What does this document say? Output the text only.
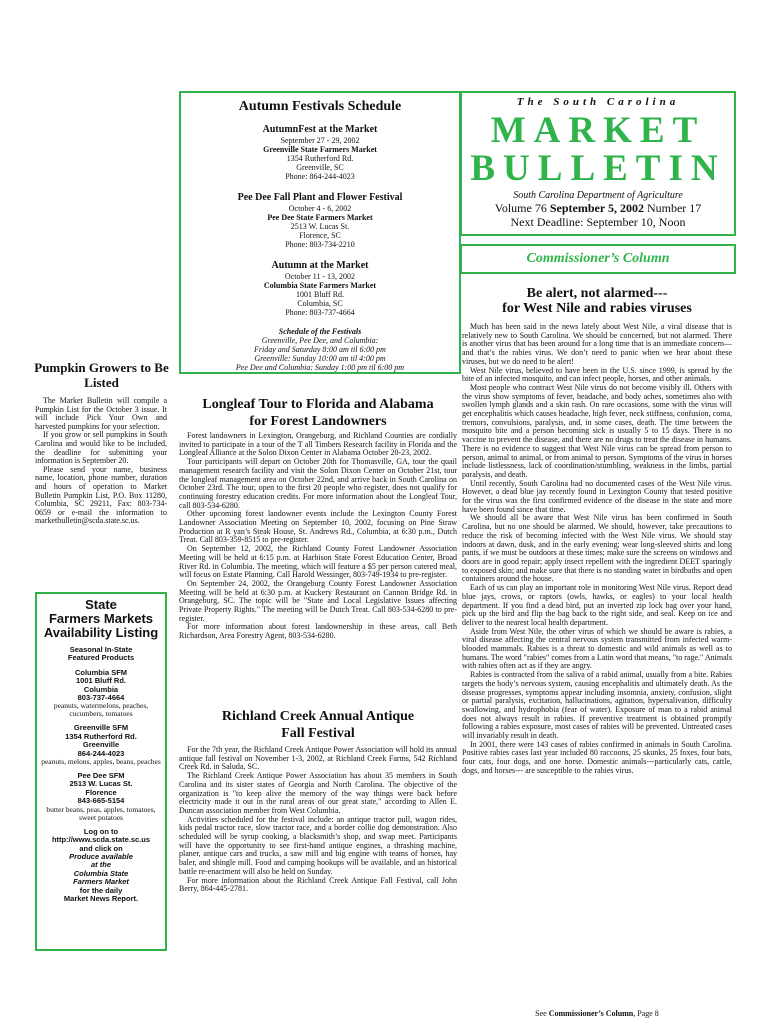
Autumn Festivals Schedule
AutumnFest at the Market
September 27 - 29, 2002
Greenville State Farmers Market
1354 Rutherford Rd.
Greenville, SC
Phone: 864-244-4023
Pee Dee Fall Plant and Flower Festival
October 4 - 6, 2002
Pee Dee State Farmers Market
2513 W. Lucas St.
Florence, SC
Phone: 803-734-2210
Autumn at the Market
October 11 - 13, 2002
Columbia State Farmers Market
1001 Bluff Rd.
Columbia, SC
Phone: 803-737-4664
Schedule of the Festivals
Greenville, Pee Dee, and Columbia:
Friday and Saturday 8:00 am til 6:00 pm
Greenville: Sunday 10:00 am til 4:00 pm
Pee Dee and Columbia: Sunday 1:00 pm til 6:00 pm
The South Carolina
MARKET
BULLETIN
South Carolina Department of Agriculture
Volume 76 September 5, 2002 Number 17
Next Deadline: September 10, Noon
Commissioner’s Column
Be alert, not alarmed---
for West Nile and rabies viruses

Much has been said in the news lately about West Nile, a viral disease that is relatively new to South Carolina. We should be concerned, but not alarmed. There is another virus that has been around for a long time that is an immediate concern—and that’s the rabies virus. We don’t need to panic when we hear about these viruses, but we do need to be alert!

West Nile virus, believed to have been in the U.S. since 1999, is spread by the bite of an infected mosquito, and can infect people, horses, and other animals.

Most people who contract West Nile virus do not become visibly ill. Others with the virus show symptoms of fever, headache, and body aches, sometimes also with swollen lymph glands and a skin rash. On rare occasions, some with the virus will get encephalitis which causes headache, high fever, neck stiffness, confusion, coma, tremors, convulsions, paralysis, and, in some cases, death. The time between the mosquito bite and a person becoming sick is usually 5 to 15 days. There is no vaccine to prevent the disease, and there are no drugs to treat the disease in humans. There is no evidence to suggest that West Nile virus can be spread from person to person, animal to animal, or from animal to person. Symptoms of the virus in horses include listlessness, lack of coordination/stumbling, weakness in the limbs, partial paralysis, and death.

Until recently, South Carolina had no documented cases of the West Nile virus. However, a dead blue jay recently found in Lexington County that tested positive for the virus was the first confirmed evidence of the disease in the state and more have been found since that time.

We should all be aware that West Nile virus has been confirmed in South Carolina, but no one should be alarmed. We should, however, take precautions to reduce the risk of becoming infected with the West Nile virus. We should stay indoors at dawn, dusk, and in the early evening; wear long-sleeved shirts and long pants, if we must be outdoors at these times; make sure the screens on windows and doors are in good repair; apply insect repellent with the ingredient DEET sparingly to exposed skin; and make sure that there is no standing water in birdbaths and open containers around the house.

Each of us can play an important role in monitoring West Nile virus. Report dead blue jays, crows, or raptors (owls, hawks, or eagles) to your local health department. If you find a dead bird, put an inverted zip lock bag over your hand, pick up the bird and flip the bag back to the right side, and seal. Keep on ice and deliver to the nearest local health department.

Aside from West Nile, the other virus of which we should be aware is rabies, a viral disease affecting the central nervous system transmitted from infected warm-blooded mammals. Rabies is a threat to domestic and wild animals as well as to humans. The word "rabies" comes from a Latin word that means, "to rage." Animals with rabies often act as if they are angry.

Rabies is contracted from the saliva of a rabid animal, usually from a bite. Rabies targets the body’s nervous system, causing encephalitis and ultimately death. As the disease progresses, symptoms appear including insomnia, anxiety, confusion, slight or partial paralysis, excitation, hallucinations, agitation, hypersalivation, difficulty swallowing, and hydrophobia (fear of water). Exposure of man to a rabid animal does not always result in rabies. If preventive treatment is obtained promptly following a rabies exposure, most cases of rabies will be prevented. Untreated cases will invariably result in death.

In 2001, there were 143 cases of rabies confirmed in animals in South Carolina. Positive rabies cases last year included 80 raccoons, 25 skunks, 25 foxes, four bats, four cats, four dogs, and one horse. Domestic animals---particularly cats, cattle, dogs, and horses--- are susceptible to the rabies virus.

See Commissioner’s Column, Page 8
Pumpkin Growers to Be Listed

The Market Bulletin will compile a Pumpkin List for the October 3 issue. It will include Pick Your Own and harvested pumpkins for your selection.

If you grow or sell pumpkins in South Carolina and would like to be included, the deadline for submitting your information is September 20.

Please send your name, business name, location, phone number, duration and hours of operation to Market Bulletin Pumpkin List, P.O. Box 11280, Columbia, SC 29211, Fax: 803-734-0659 or e-mail the information to marketbulletin@scda.state.sc.us.

State
Farmers Markets
Availability Listing
Seasonal In-State
Featured Products
Columbia SFM
1001 Bluff Rd.
Columbia
803-737-4664
peanuts, watermelons, peaches, cucumbers, tomatoes
Greenville SFM
1354 Rutherford Rd.
Greenville
864-244-4023
peanuts, melons, apples, beans, peaches
Pee Dee SFM
2513 W. Lucas St.
Florence
843-665-5154
butter beans, peas, apples, tomatoes, sweet potatoes
Log on to
http://www.scda.state.sc.us
and click on
Produce available
at the
Columbia State
Farmers Market
for the daily
Market News Report.
Longleaf Tour to Florida and Alabama
for Forest Landowners

Forest landowners in Lexington, Orangeburg, and Richland Counties are cordially invited to participate in a tour of the T all Timbers Research facility in Florida and the Longleaf Alliance at the Solon Dixon Center in Alabama October 20-23, 2002.

Tour participants will depart on October 20th for Thomasville, GA, tour the quail management research facility and visit the Solon Dixon Center on October 21st, tour the longleaf management area on October 22nd, and arrive back in South Carolina on October 23rd. The tour, open to the first 20 people who register, does not qualify for continuing forestry education credits. For more information about the Longleaf Tour, call 803-534-6280.

Other upcoming forest landowner events include the Lexington County Forest Landowner Association Meeting on September 10, 2002, focusing on Pine Straw Production at R yan’s Steak House, St. Andrews Rd., Columbia, at 6:30 p.m., Dutch Treat. Call 803-359-8515 to pre-register.

On September 12, 2002, the Richland County Forest Landowner Association Meeting will be held at 6:15 p.m. at Harbison State Forest Education Center, Broad River Rd. in Columbia. The meeting, which will feature a $5 per person catered meal, will focus on Estate Planning. Call Harold Wessinger, 803-749-1934 to pre-register.

On September 24, 2002, the Orangeburg County Forest Landowner Association Meeting will be held at 6:30 p.m. at Kuckery Restaurant on Cannon Bridge Rd. in Orangeburg, SC. The topic will be "State and Local Legislative Issues affecting Private Property Rights." The meeting will be Dutch Treat. Call 803-534-6280 to pre-register.

For more information about forest landownership in these areas, call Beth Richardson, Area Forestry Agent, 803-534-6280.

Richland Creek Annual Antique
Fall Festival

For the 7th year, the Richland Creek Antique Power Association will hold its annual antique fall festival on November 1-3, 2002, at Richland Creek Farms, 542 Richland Creek Rd. in Saluda, SC.

The Richland Creek Antique Power Association has about 35 members in South Carolina and its sister states of Georgia and North Carolina. The objective of the organization is "to keep alive the memory of the way things were back before electricity made it out in the rural areas of our great state," according to Allen E. Duncan association member from West Columbia.

Activities scheduled for the festival include: an antique tractor pull, wagon rides, kids pedal tractor race, slow tractor race, and a border collie dog demonstration. Also scheduled will be syrup cooking, a blacksmith’s shop, and swap meet. Participants will have the opportunity to see first-hand antique engines, a thrashing machine, planer, antique cars and trucks, a saw mill and big engine with teams of horses, hay baler, and shingle mill. Food and camping hookups will be available, and an historical battle re-enactment will also be held on Sunday.

For more information about the Richland Creek Antique Fall Festival, call John Berry, 864-445-2781.
